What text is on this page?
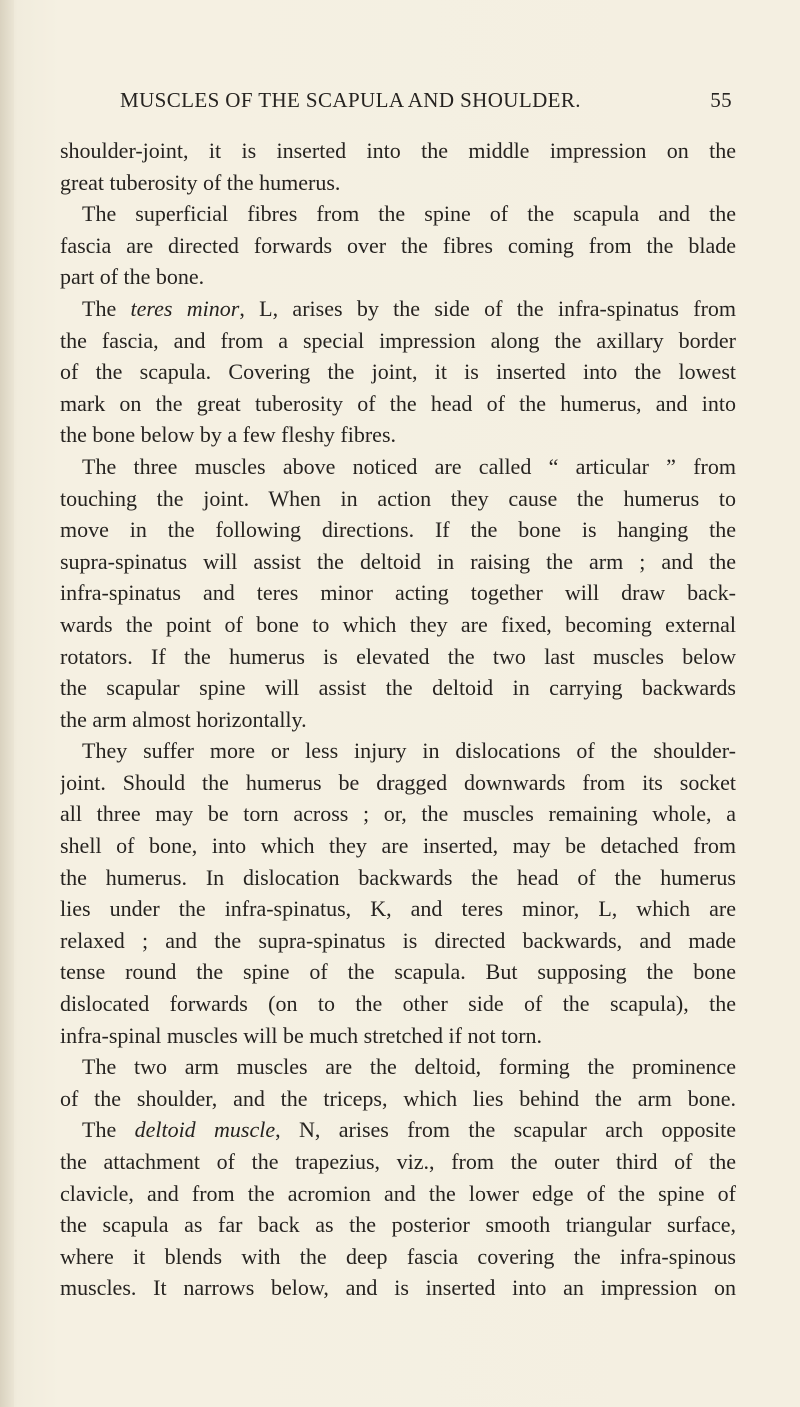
MUSCLES OF THE SCAPULA AND SHOULDER.	55
shoulder-joint, it is inserted into the middle impression on the
great tuberosity of the humerus.
The superficial fibres from the spine of the scapula and the
fascia are directed forwards over the fibres coming from the blade
part of the bone.
The teres minor, L, arises by the side of the infra-spinatus from
the fascia, and from a special impression along the axillary border
of the scapula. Covering the joint, it is inserted into the lowest
mark on the great tuberosity of the head of the humerus, and into
the bone below by a few fleshy fibres.
The three muscles above noticed are called “ articular ” from
touching the joint. When in action they cause the humerus to
move in the following directions. If the bone is hanging the
supra-spinatus will assist the deltoid in raising the arm ; and the
infra-spinatus and teres minor acting together will draw back-
wards the point of bone to which they are fixed, becoming external
rotators. If the humerus is elevated the two last muscles below
the scapular spine will assist the deltoid in carrying backwards
the arm almost horizontally.
They suffer more or less injury in dislocations of the shoulder-
joint. Should the humerus be dragged downwards from its socket
all three may be torn across ; or, the muscles remaining whole, a
shell of bone, into which they are inserted, may be detached from
the humerus. In dislocation backwards the head of the humerus
lies under the infra-spinatus, K, and teres minor, L, which are
relaxed ; and the supra-spinatus is directed backwards, and made
tense round the spine of the scapula. But supposing the bone
dislocated forwards (on to the other side of the scapula), the
infra-spinal muscles will be much stretched if not torn.
The two arm muscles are the deltoid, forming the prominence
of the shoulder, and the triceps, which lies behind the arm bone.
The deltoid muscle, N, arises from the scapular arch opposite
the attachment of the trapezius, viz., from the outer third of the
clavicle, and from the acromion and the lower edge of the spine of
the scapula as far back as the posterior smooth triangular surface,
where it blends with the deep fascia covering the infra-spinous
muscles. It narrows below, and is inserted into an impression on
